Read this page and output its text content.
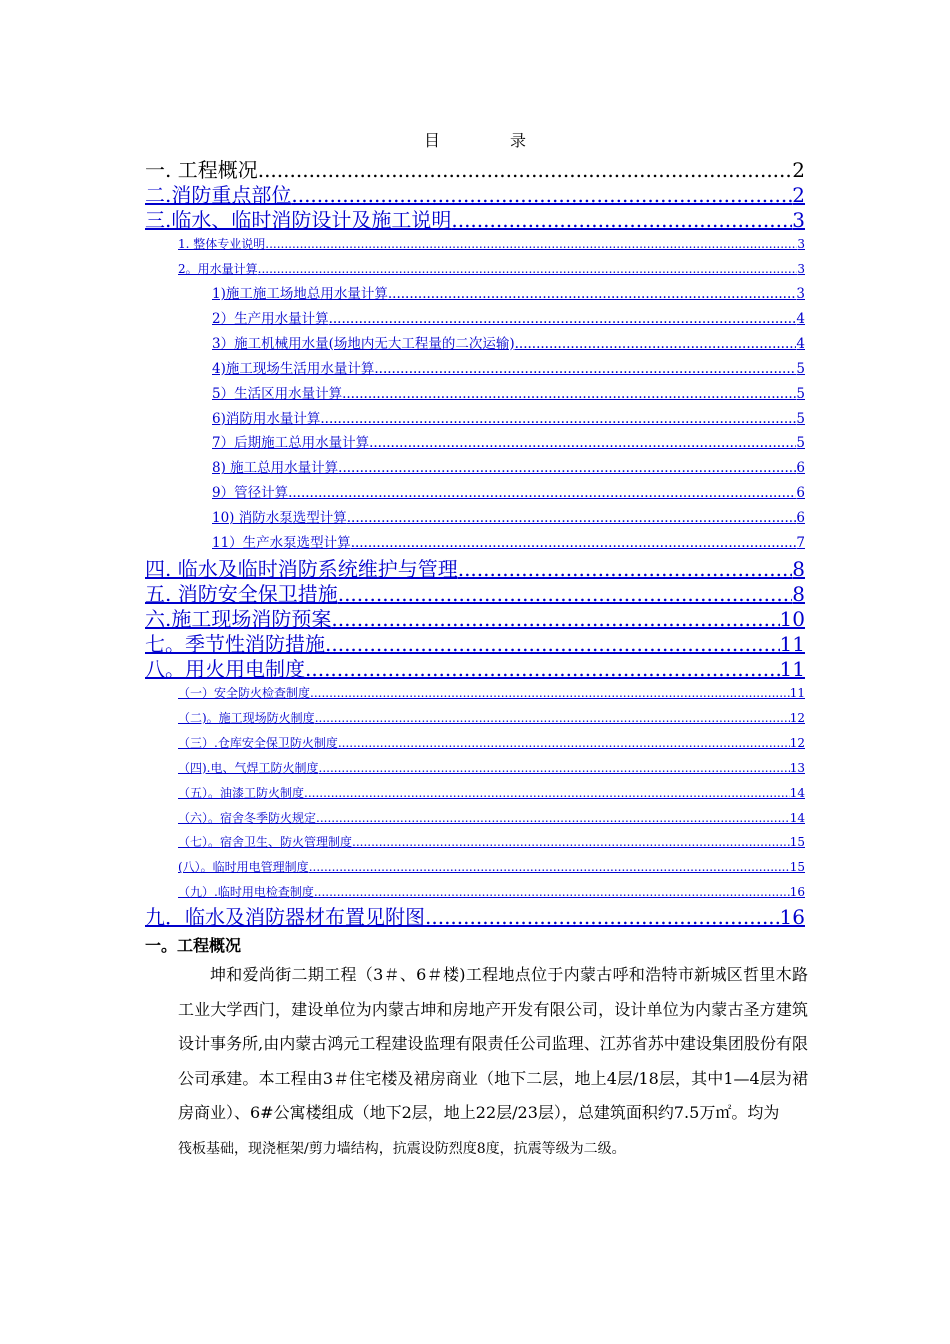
目	录
一. 工程概况 .....	2
二.消防重点部位 .....	2
三.临水、临时消防设计及施工说明 .....	3
1. 整体专业说明 .....	3
2。用水量计算 .....	3
1)施工施工场地总用水量计算 .....	3
2）生产用水量计算 .....	4
3）施工机械用水量(场地内无大工程量的二次运输) .....	4
4)施工现场生活用水量计算 .....	5
5）生活区用水量计算 .....	5
6)消防用水量计算 .....	5
7）后期施工总用水量计算 .....	5
8) 施工总用水量计算 .....	6
9）管径计算 .....	6
10) 消防水泵选型计算 .....	6
11）生产水泵选型计算 .....	7
四. 临水及临时消防系统维护与管理 .....	8
五. 消防安全保卫措施 .....	8
六.施工现场消防预案 .....	10
七。季节性消防措施 .....	11
八。用火用电制度 .....	11
（一）安全防火检查制度 .....	11
（二)。施工现场防火制度 .....	12
（三）.仓库安全保卫防火制度 .....	12
（四).电、气焊工防火制度 .....	13
（五）。油漆工防火制度 .....	14
（六）。宿舍冬季防火规定 .....	14
（七）。宿舍卫生、防火管理制度 .....	15
(八）。临时用电管理制度 .....	15
（九）.临时用电检查制度 .....	16
九．临水及消防器材布置见附图 .....	16
一。工程概况

坤和爱尚街二期工程（3＃、6＃楼)工程地点位于内蒙古呼和浩特市新城区哲里木路工业大学西门，建设单位为内蒙古坤和房地产开发有限公司，设计单位为内蒙古圣方建筑设计事务所,由内蒙古鸿元工程建设监理有限责任公司监理、江苏省苏中建设集团股份有限公司承建。本工程由3＃住宅楼及裙房商业（地下二层，地上4层/18层，其中1—4层为裙房商业）、6#公寓楼组成（地下2层，地上22层/23层），总建筑面积约7.5万㎡。均为
筏板基础，现浇框架/剪力墙结构，抗震设防烈度8度，抗震等级为二级。
